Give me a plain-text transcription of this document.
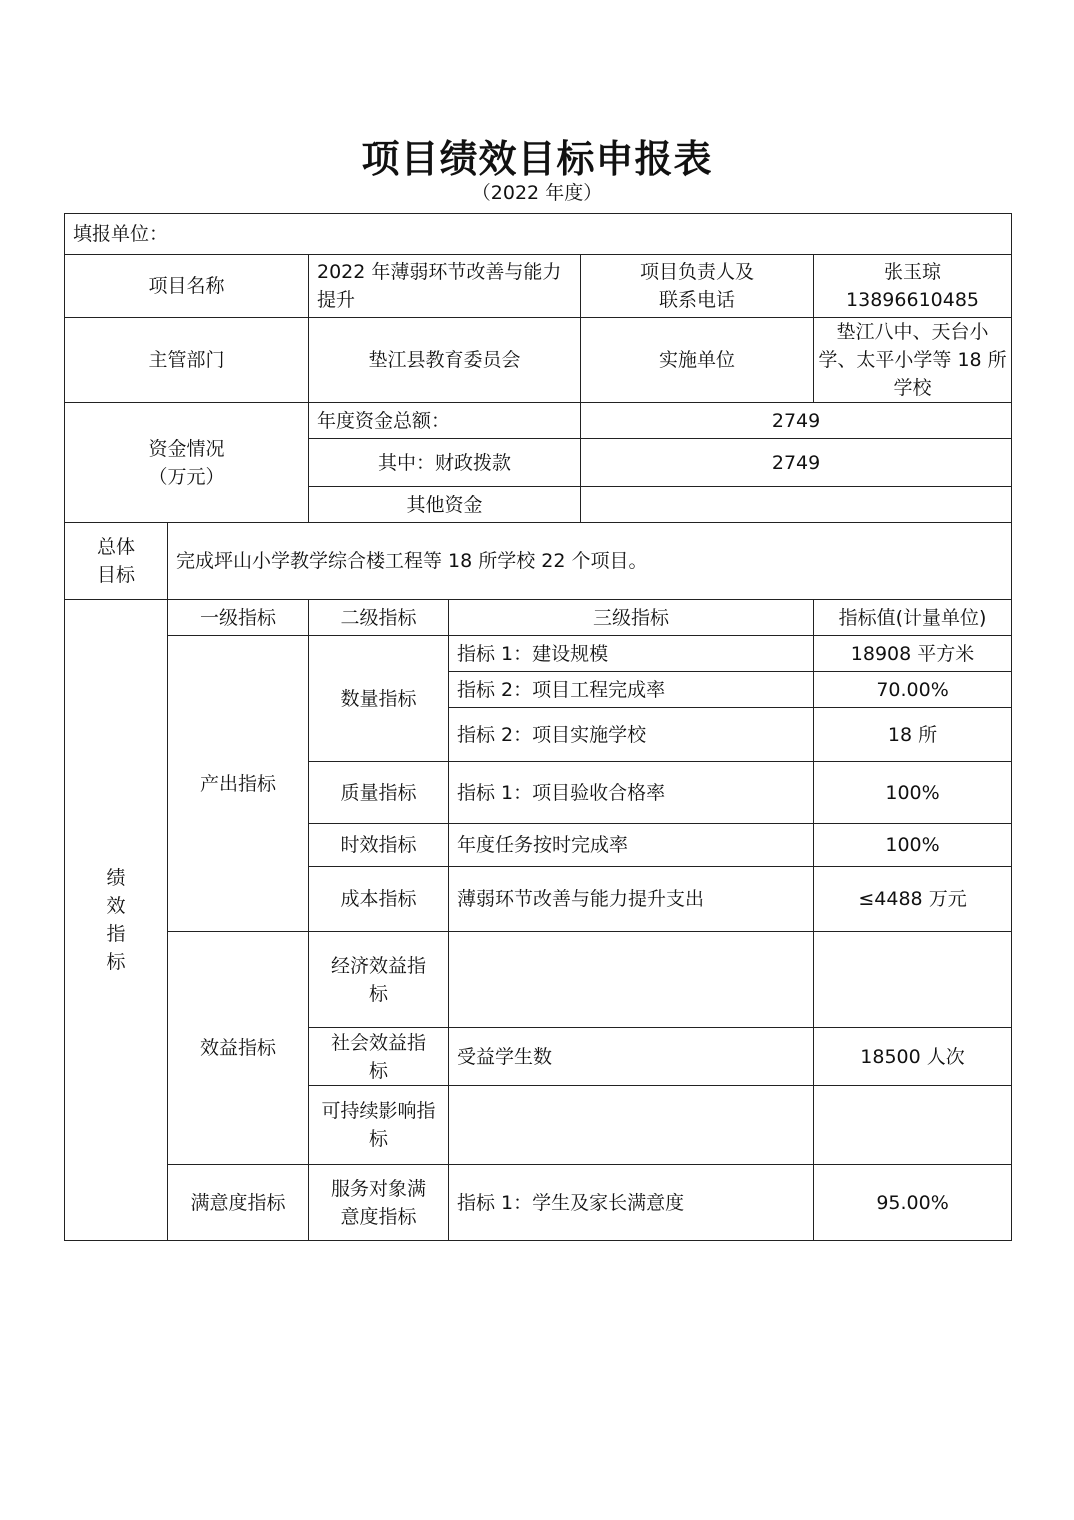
项目绩效目标申报表
（2022 年度）
填报单位：					
项目名称		2022 年薄弱环节改善与能力提升		项目负责人及联系电话	张玉琼 13896610485
主管部门		垫江县教育委员会		实施单位	垫江八中、天台小学、太平小学等 18 所学校

资金情况（万元）		年度资金总额：		2749	
		其中：财政拨款		2749	
		其他资金			

总体目标	完成坪山小学教学综合楼工程等 18 所学校 22 个项目。				

绩效指标	一级指标	二级指标	三级指标		指标值(计量单位)
	产出指标	数量指标	指标 1：建设规模		18908 平方米
			指标 2：项目工程完成率		70.00%
			指标 2：项目实施学校		18 所
		质量指标	指标 1：项目验收合格率		100%
		时效指标	年度任务按时完成率		100%
		成本指标	薄弱环节改善与能力提升支出		≤4488 万元
	效益指标	经济效益指标			

		社会效益指标	受益学生数		18500 人次

		可持续影响指标			

	满意度指标	服务对象满意度指标	指标 1：学生及家长满意度		95.00%
